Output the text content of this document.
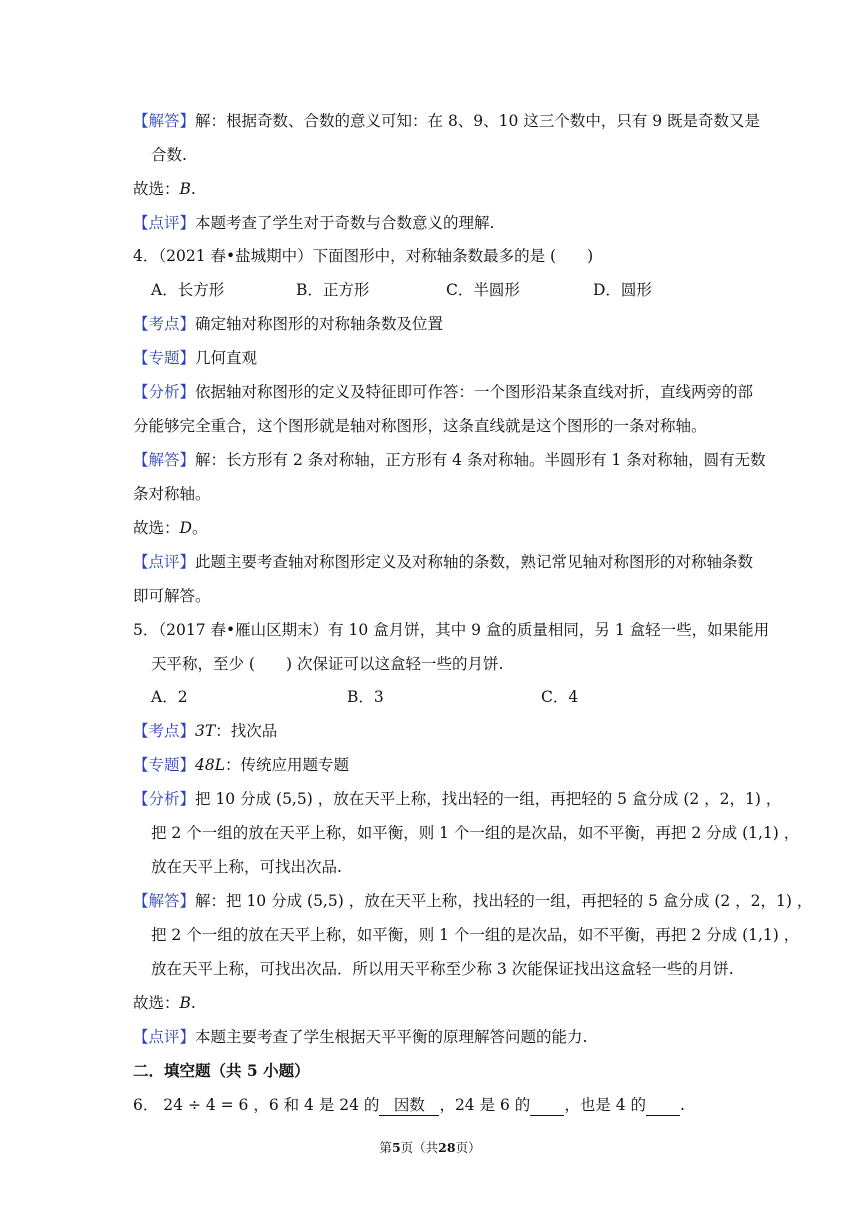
【解答】解：根据奇数、合数的意义可知：在 8、9、10 这三个数中，只有 9 既是奇数又是
合数.
故选：B.
【点评】本题考查了学生对于奇数与合数意义的理解.
4．（2021 春•盐城期中）下面图形中，对称轴条数最多的是 (　　)
A．长方形	B．正方形	C．半圆形	D．圆形
【考点】确定轴对称图形的对称轴条数及位置
【专题】几何直观
【分析】依据轴对称图形的定义及特征即可作答：一个图形沿某条直线对折，直线两旁的部
分能够完全重合，这个图形就是轴对称图形，这条直线就是这个图形的一条对称轴。
【解答】解：长方形有 2 条对称轴，正方形有 4 条对称轴。半圆形有 1 条对称轴，圆有无数
条对称轴。
故选：D。
【点评】此题主要考查轴对称图形定义及对称轴的条数，熟记常见轴对称图形的对称轴条数
即可解答。
5．（2017 春•雁山区期末）有 10 盒月饼，其中 9 盒的质量相同，另 1 盒轻一些，如果能用
天平称，至少 (　　) 次保证可以这盒轻一些的月饼.
A．2	B．3	C．4
【考点】3T：找次品
【专题】48L：传统应用题专题
【分析】把 10 分成 (5,5) ，放在天平上称，找出轻的一组，再把轻的 5 盒分成 (2 ，2，1) ，
把 2 个一组的放在天平上称，如平衡，则 1 个一组的是次品，如不平衡，再把 2 分成 (1,1) ，
放在天平上称，可找出次品.
【解答】解：把 10 分成 (5,5) ，放在天平上称，找出轻的一组，再把轻的 5 盒分成 (2 ，2，1) ，
把 2 个一组的放在天平上称，如平衡，则 1 个一组的是次品，如不平衡，再把 2 分成 (1,1) ，
放在天平上称，可找出次品．所以用天平称至少称 3 次能保证找出这盒轻一些的月饼.
故选：B.
【点评】本题主要考查了学生根据天平平衡的原理解答问题的能力.
二．填空题（共 5 小题）
6． 24 ÷ 4 = 6 ，6 和 4 是 24 的 因数 ，24 是 6 的 ，也是 4 的 .
第5页（共28页）
